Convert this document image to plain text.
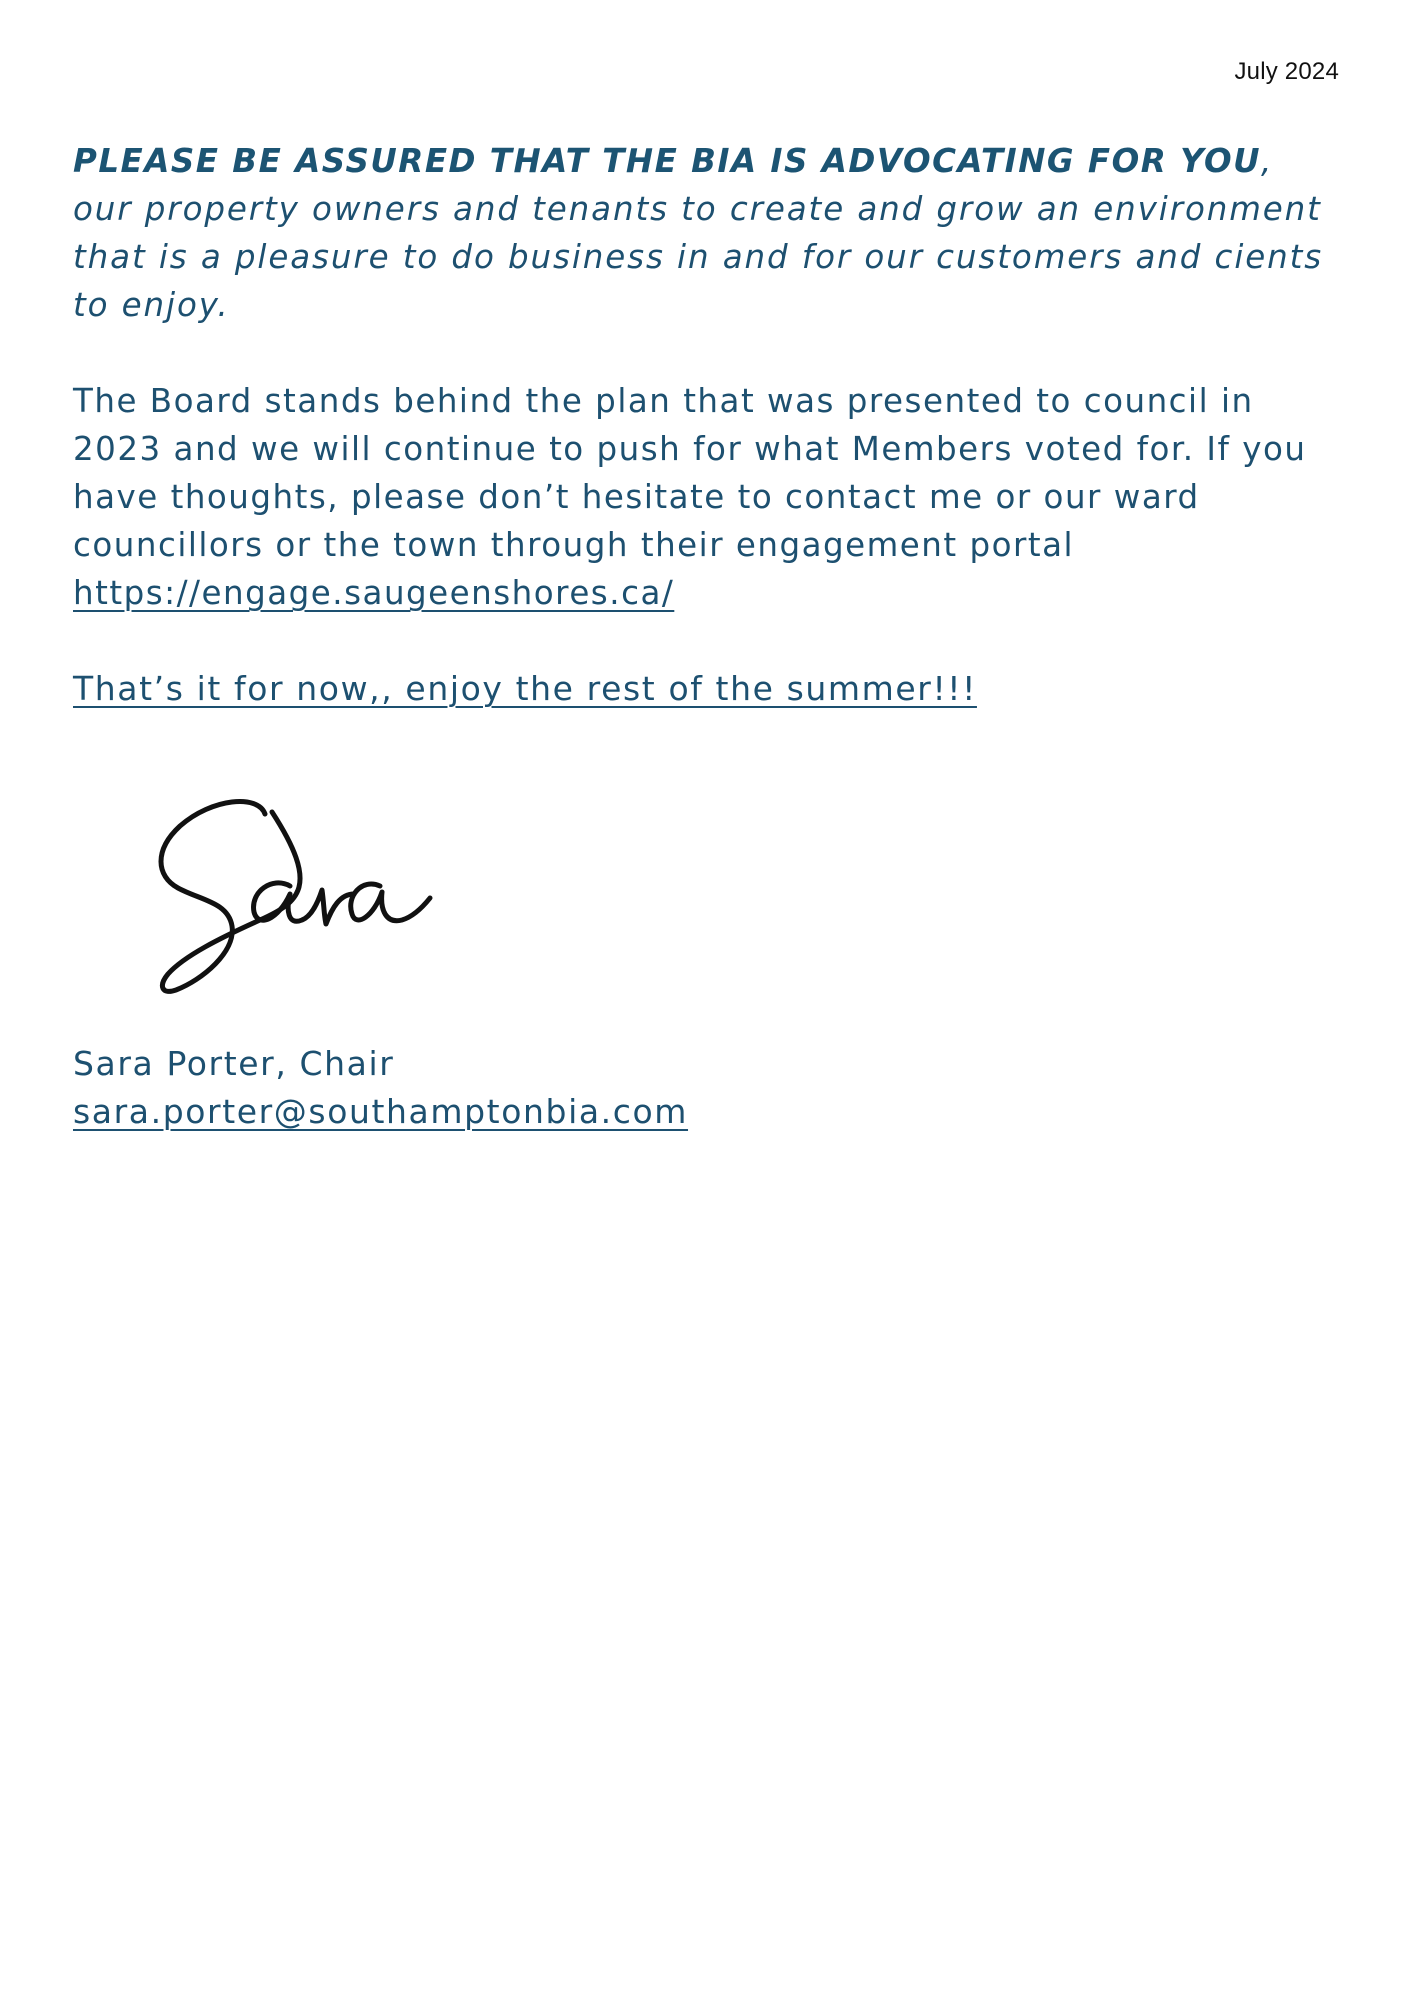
July 2024

PLEASE BE ASSURED THAT THE BIA IS ADVOCATING FOR YOU, our property owners and tenants to create and grow an environment that is a pleasure to do business in and for our customers and cients to enjoy.

The Board stands behind the plan that was presented to council in 2023 and we will continue to push for what Members voted for. If you have thoughts, please don’t hesitate to contact me or our ward councillors or the town through their engagement portal
https://engage.saugeenshores.ca/

That’s it for now,, enjoy the rest of the summer!!!
Sara Porter, Chair
sara.porter@southamptonbia.com
